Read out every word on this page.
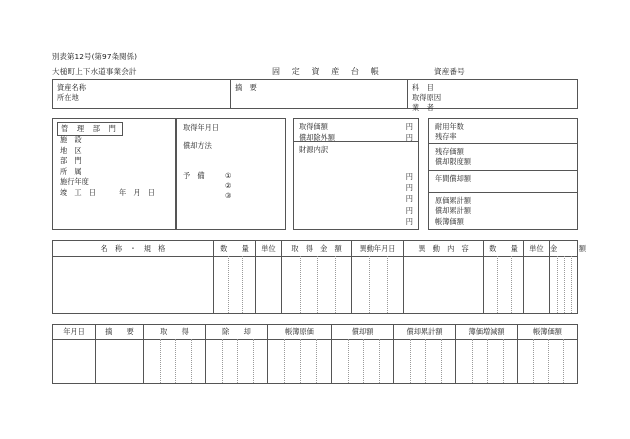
別表第12号(第97条関係)
大槌町上下水道事業会計	固 定 資 産 台 帳	資産番号
資産名称
所在地
摘　要	科　目
取得原因
業　者
管 理 部 門
施　設
地　区
部　門
所　属
施行年度
竣　工　日	年　月　日
取得年月日
償却方法
予　備	①
②
③
取得価額	円
償却除外額	円
財源内訳
円
円
円
円
円
耐用年数
残存率
残存価額
償却限度額
年間償却額
原価累計額
償却累計額
帳簿価額
名　称　・　規　格	数　　量	単位	取　得　金　額	異動年月日	異　動　内　容	数　　量	単位 金　　　額
年月日	摘　　要	取　　得	除　　却	帳簿原価	償却額	償却累計額	簿価増減額	帳簿価額
